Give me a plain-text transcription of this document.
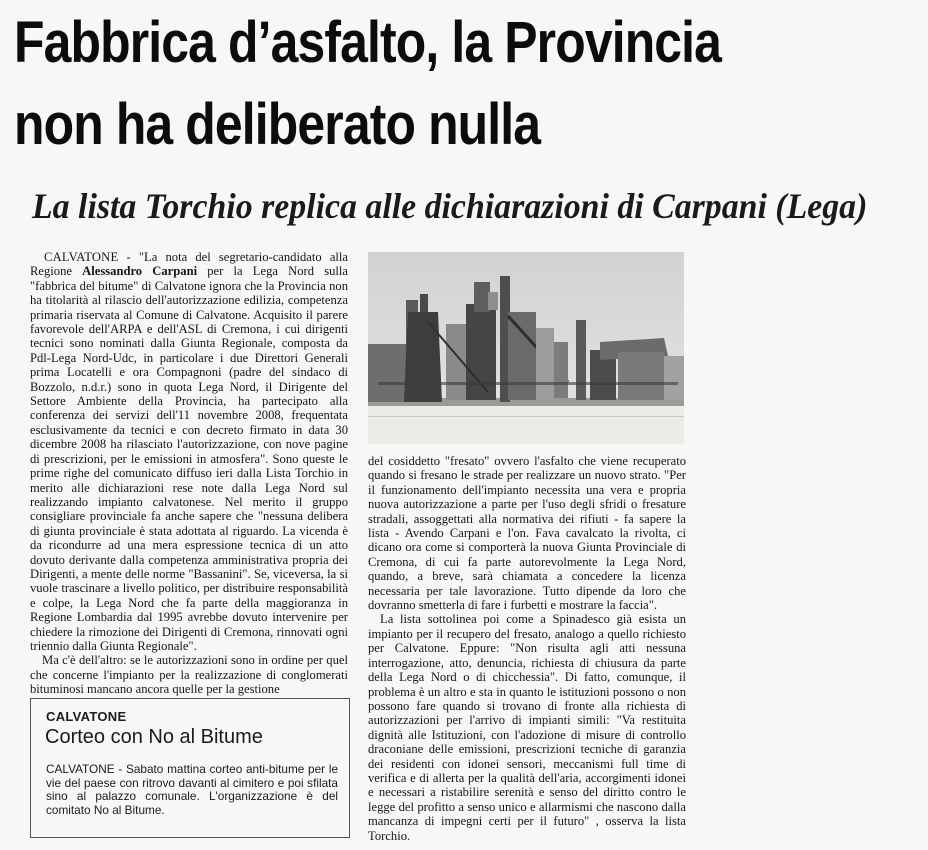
Fabbrica d’asfalto, la Provincia
non ha deliberato nulla
La lista Torchio replica alle dichiarazioni di Carpani (Lega)

CALVATONE - "La nota del segretario-candidato alla Regione Alessandro Carpani per la Lega Nord sulla "fabbrica del bitume" di Calvatone ignora che la Provincia non ha titolarità al rilascio dell'autorizzazione edilizia, competenza primaria riservata al Comune di Calvatone. Acquisito il parere favorevole dell'ARPA e dell'ASL di Cremona, i cui dirigenti tecnici sono nominati dalla Giunta Regionale, composta da Pdl-Lega Nord-Udc, in particolare i due Direttori Generali prima Locatelli e ora Compagnoni (padre del sindaco di Bozzolo, n.d.r.) sono in quota Lega Nord, il Dirigente del Settore Ambiente della Provincia, ha partecipato alla conferenza dei servizi dell'11 novembre 2008, frequentata esclusivamente da tecnici e con decreto firmato in data 30 dicembre 2008 ha rilasciato l'autorizzazione, con nove pagine di prescrizioni, per le emissioni in atmosfera". Sono queste le prime righe del comunicato diffuso ieri dalla Lista Torchio in merito alle dichiarazioni rese note dalla Lega Nord sul realizzando impianto calvatonese. Nel merito il gruppo consigliare provinciale fa anche sapere che "nessuna delibera di giunta provinciale è stata adottata al riguardo. La vicenda è da ricondurre ad una mera espressione tecnica di un atto dovuto derivante dalla competenza amministrativa propria dei Dirigenti, a mente delle norme "Bassanini". Se, viceversa, la si vuole trascinare a livello politico, per distribuire responsabilità e colpe, la Lega Nord che fa parte della maggioranza in Regione Lombardia dal 1995 avrebbe dovuto intervenire per chiedere la rimozione dei Dirigenti di Cremona, rinnovati ogni triennio dalla Giunta Regionale".

Ma c'è dell'altro: se le autorizzazioni sono in ordine per quel che concerne l'impianto per la realizzazione di conglomerati bituminosi mancano ancora quelle per la gestione

del cosiddetto "fresato" ovvero l'asfalto che viene recuperato quando si fresano le strade per realizzare un nuovo strato. "Per il funzionamento dell'impianto necessita una vera e propria nuova autorizzazione a parte per l'uso degli sfridi o fresature stradali, assoggettati alla normativa dei rifiuti - fa sapere la lista - Avendo Carpani e l'on. Fava cavalcato la rivolta, ci dicano ora come si comporterà la nuova Giunta Provinciale di Cremona, di cui fa parte autorevolmente la Lega Nord, quando, a breve, sarà chiamata a concedere la licenza necessaria per tale lavorazione. Tutto dipende da loro che dovranno smetterla di fare i furbetti e mostrare la faccia".

La lista sottolinea poi come a Spinadesco già esista un impianto per il recupero del fresato, analogo a quello richiesto per Calvatone. Eppure: "Non risulta agli atti nessuna interrogazione, atto, denuncia, richiesta di chiusura da parte della Lega Nord o di chicchessia". Di fatto, comunque, il problema è un altro e sta in quanto le istituzioni possono o non possono fare quando si trovano di fronte alla richiesta di autorizzazioni per l'arrivo di impianti simili: "Va restituita dignità alle Istituzioni, con l'adozione di misure di controllo draconiane delle emissioni, prescrizioni tecniche di garanzia dei residenti con idonei sensori, meccanismi full time di verifica e di allerta per la qualità dell'aria, accorgimenti idonei e necessari a ristabilire serenità e senso del diritto contro le legge del profitto a senso unico e allarmismi che nascono dalla mancanza di impegni certi per il futuro" , osserva la lista Torchio.

CALVATONE
Corteo con No al Bitume
CALVATONE - Sabato mattina corteo anti-bitume per le vie del paese con ritrovo davanti al cimitero e poi sfilata sino al palazzo comunale. L'organizzazione è del comitato No al Bitume.
